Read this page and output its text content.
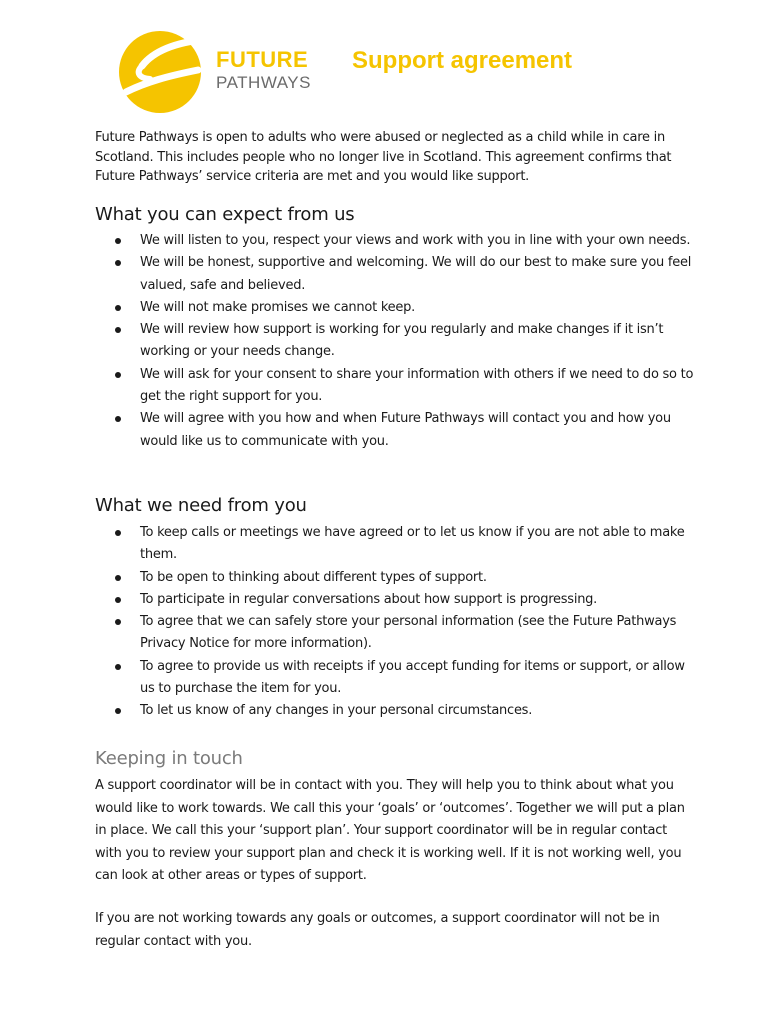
FUTURE
PATHWAYS
Support agreement

Future Pathways is open to adults who were abused or neglected as a child while in care in Scotland. This includes people who no longer live in Scotland. This agreement confirms that Future Pathways’ service criteria are met and you would like support.

What you can expect from us
We will listen to you, respect your views and work with you in line with your own needs.
We will be honest, supportive and welcoming. We will do our best to make sure you feel valued, safe and believed.
We will not make promises we cannot keep.
We will review how support is working for you regularly and make changes if it isn’t working or your needs change.
We will ask for your consent to share your information with others if we need to do so to get the right support for you.
We will agree with you how and when Future Pathways will contact you and how you would like us to communicate with you.
What we need from you
To keep calls or meetings we have agreed or to let us know if you are not able to make them.
To be open to thinking about different types of support.
To participate in regular conversations about how support is progressing.
To agree that we can safely store your personal information (see the Future Pathways Privacy Notice for more information).
To agree to provide us with receipts if you accept funding for items or support, or allow us to purchase the item for you.
To let us know of any changes in your personal circumstances.
Keeping in touch

A support coordinator will be in contact with you. They will help you to think about what you would like to work towards. We call this your ‘goals’ or ‘outcomes’. Together we will put a plan in place. We call this your ‘support plan’. Your support coordinator will be in regular contact with you to review your support plan and check it is working well. If it is not working well, you can look at other areas or types of support.

If you are not working towards any goals or outcomes, a support coordinator will not be in regular contact with you.
